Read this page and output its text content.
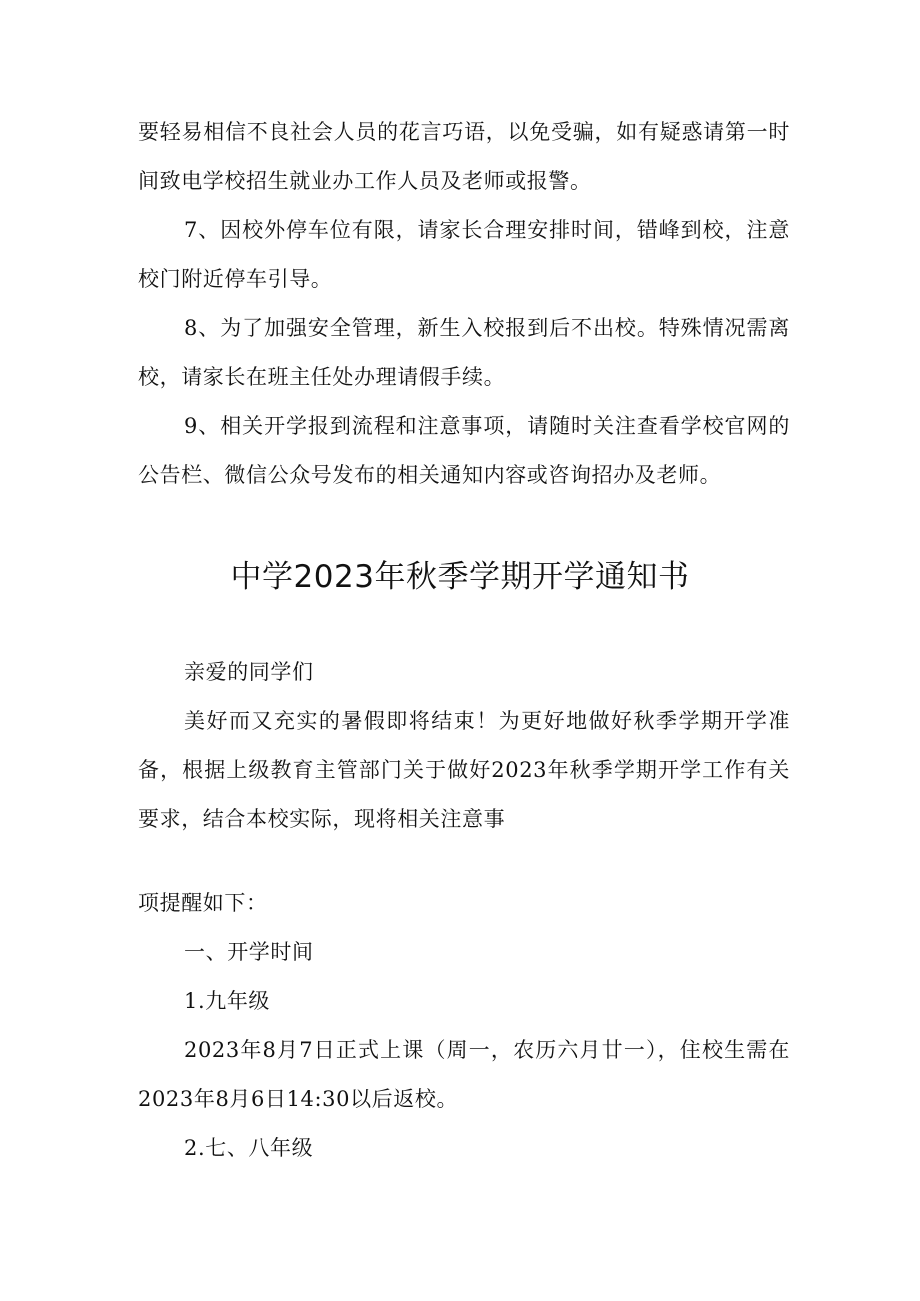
要轻易相信不良社会人员的花言巧语，以免受骗，如有疑惑请第一时间致电学校招生就业办工作人员及老师或报警。

7、因校外停车位有限，请家长合理安排时间，错峰到校，注意校门附近停车引导。

8、为了加强安全管理，新生入校报到后不出校。特殊情况需离校，请家长在班主任处办理请假手续。

9、相关开学报到流程和注意事项，请随时关注查看学校官网的公告栏、微信公众号发布的相关通知内容或咨询招办及老师。

中学2023年秋季学期开学通知书

亲爱的同学们

美好而又充实的暑假即将结束！为更好地做好秋季学期开学准备，根据上级教育主管部门关于做好2023年秋季学期开学工作有关要求，结合本校实际，现将相关注意事

项提醒如下：

一、开学时间

1.九年级

2023年8月7日正式上课（周一，农历六月廿一），住校生需在2023年8月6日14:30以后返校。

2.七、八年级
